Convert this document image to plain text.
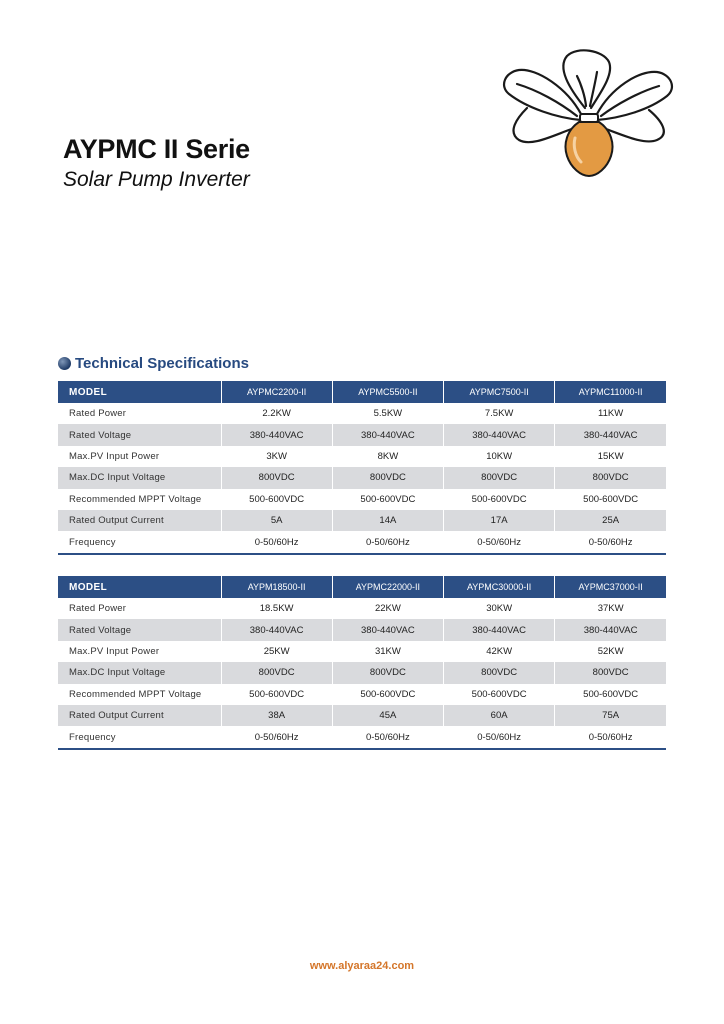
AYPMC II Serie
Solar Pump Inverter
Technical Specifications
MODEL	AYPMC2200-II	AYPMC5500-II	AYPMC7500-II	AYPMC11000-II
Rated Power	2.2KW	5.5KW	7.5KW	11KW
Rated Voltage	380-440VAC	380-440VAC	380-440VAC	380-440VAC
Max.PV Input Power	3KW	8KW	10KW	15KW
Max.DC Input Voltage	800VDC	800VDC	800VDC	800VDC
Recommended MPPT Voltage	500-600VDC	500-600VDC	500-600VDC	500-600VDC
Rated Output Current	5A	14A	17A	25A
Frequency	0-50/60Hz	0-50/60Hz	0-50/60Hz	0-50/60Hz
MODEL	AYPM18500-II	AYPMC22000-II	AYPMC30000-II	AYPMC37000-II
Rated Power	18.5KW	22KW	30KW	37KW
Rated Voltage	380-440VAC	380-440VAC	380-440VAC	380-440VAC
Max.PV Input Power	25KW	31KW	42KW	52KW
Max.DC Input Voltage	800VDC	800VDC	800VDC	800VDC
Recommended MPPT Voltage	500-600VDC	500-600VDC	500-600VDC	500-600VDC
Rated Output Current	38A	45A	60A	75A
Frequency	0-50/60Hz	0-50/60Hz	0-50/60Hz	0-50/60Hz
www.alyaraa24.com
